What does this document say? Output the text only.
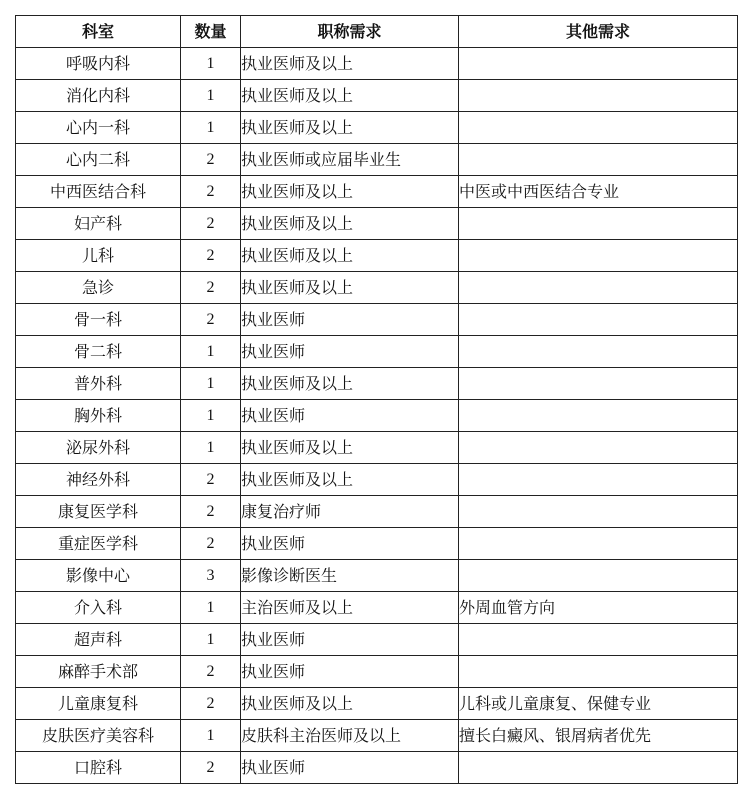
科室	数量	职称需求	其他需求
呼吸内科	1	执业医师及以上	
消化内科	1	执业医师及以上	
心内一科	1	执业医师及以上	
心内二科	2	执业医师或应届毕业生	
中西医结合科	2	执业医师及以上	中医或中西医结合专业
妇产科	2	执业医师及以上	
儿科	2	执业医师及以上	
急诊	2	执业医师及以上	
骨一科	2	执业医师	
骨二科	1	执业医师	
普外科	1	执业医师及以上	
胸外科	1	执业医师	
泌尿外科	1	执业医师及以上	
神经外科	2	执业医师及以上	
康复医学科	2	康复治疗师	
重症医学科	2	执业医师	
影像中心	3	影像诊断医生	
介入科	1	主治医师及以上	外周血管方向
超声科	1	执业医师	
麻醉手术部	2	执业医师	
儿童康复科	2	执业医师及以上	儿科或儿童康复、保健专业
皮肤医疗美容科	1	皮肤科主治医师及以上	擅长白癜风、银屑病者优先
口腔科	2	执业医师	
